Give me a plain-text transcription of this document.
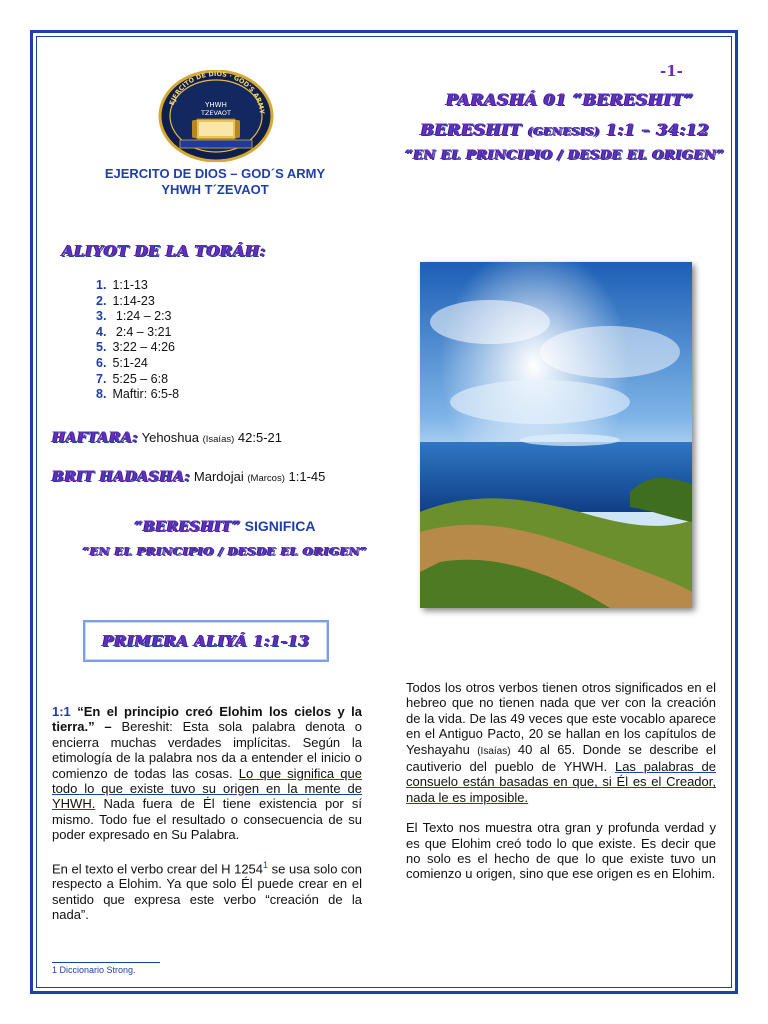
-1-
PARASHÁ 01 “BERESHIT”
BERESHIT (GENESIS) 1:1 – 34:12
“EN EL PRINCIPIO / DESDE EL ORIGEN”
EJERCITO DE DIOS · GOD'S ARMY
YHWH
TZEVAOT
EJERCITO DE DIOS – GOD´S ARMY
YHWH T´ZEVAOT
ALIYOT DE LA TORÁH:
1. 1:1-13
2. 1:14-23
3. 1:24 – 2:3
4. 2:4 – 3:21
5. 3:22 – 4:26
6. 5:1-24
7. 5:25 – 6:8
8. Maftir: 6:5-8
HAFTARA: Yehoshua (Isaías) 42:5-21
BRIT HADASHA: Mardojai (Marcos) 1:1-45
“BERESHIT” SIGNIFICA
“EN EL PRINCIPIO / DESDE EL ORIGEN”
PRIMERA ALIYÁ 1:1-13

1:1 “En el principio creó Elohim los cielos y la tierra.” – Bereshit: Esta sola palabra denota o encierra muchas verdades implícitas. Según la etimología de la palabra nos da a entender el inicio o comienzo de todas las cosas. Lo que significa que todo lo que existe tuvo su origen en la mente de YHWH. Nada fuera de Él tiene existencia por sí mismo. Todo fue el resultado o consecuencia de su poder expresado en Su Palabra.

En el texto el verbo crear del H 1254$^1$ se usa solo con respecto a Elohim. Ya que solo Él puede crear en el sentido que expresa este verbo “creación de la nada”.

Todos los otros verbos tienen otros significados en el hebreo que no tienen nada que ver con la creación de la vida. De las 49 veces que este vocablo aparece en el Antiguo Pacto, 20 se hallan en los capítulos de Yeshayahu (Isaías) 40 al 65. Donde se describe el cautiverio del pueblo de YHWH. Las palabras de consuelo están basadas en que, si Él es el Creador, nada le es imposible.

El Texto nos muestra otra gran y profunda verdad y es que Elohim creó todo lo que existe. Es decir que no solo es el hecho de que lo que existe tuvo un comienzo u origen, sino que ese origen es en Elohim.

1 Diccionario Strong.
